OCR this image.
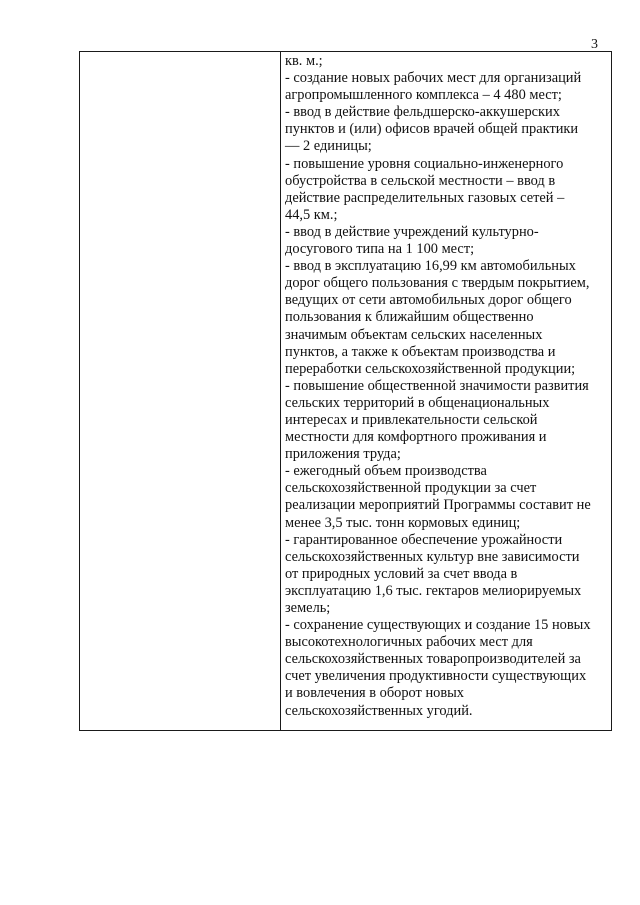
3
кв. м.;
- создание новых рабочих мест для организаций
агропромышленного комплекса – 4 480 мест;
- ввод в действие фельдшерско-аккушерских
пунктов и (или) офисов врачей общей практики
— 2 единицы;
- повышение уровня социально-инженерного
обустройства в сельской местности – ввод в
действие распределительных газовых сетей –
44,5 км.;
- ввод в действие учреждений культурно-
досугового типа на 1 100 мест;
- ввод в эксплуатацию 16,99 км автомобильных
дорог общего пользования с твердым покрытием,
ведущих от сети автомобильных дорог общего
пользования к ближайшим общественно
значимым объектам сельских населенных
пунктов, а также к объектам производства и
переработки сельскохозяйственной продукции;
- повышение общественной значимости развития
сельских территорий в общенациональных
интересах и привлекательности сельской
местности для комфортного проживания и
приложения труда;
- ежегодный объем производства
сельскохозяйственной продукции за счет
реализации мероприятий Программы составит не
менее 3,5 тыс. тонн кормовых единиц;
- гарантированное обеспечение урожайности
сельскохозяйственных культур вне зависимости
от природных условий за счет ввода в
эксплуатацию 1,6 тыс. гектаров мелиорируемых
земель;
- сохранение существующих и создание 15 новых
высокотехнологичных рабочих мест для
сельскохозяйственных товаропроизводителей за
счет увеличения продуктивности существующих
и вовлечения в оборот новых
сельскохозяйственных угодий.
